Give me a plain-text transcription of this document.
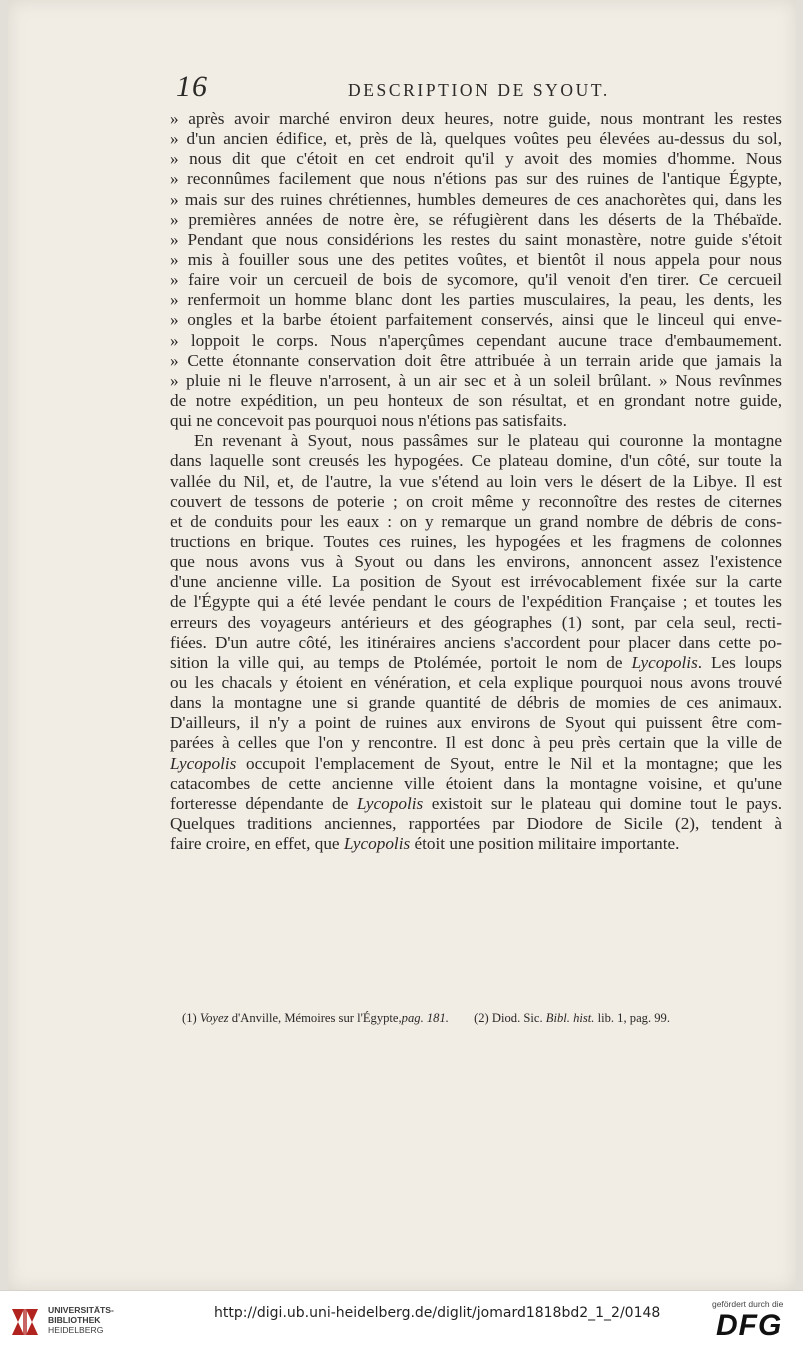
16	DESCRIPTION DE SYOUT.
» après avoir marché environ deux heures, notre guide, nous montrant les restes
» d'un ancien édifice, et, près de là, quelques voûtes peu élevées au-dessus du sol,
» nous dit que c'étoit en cet endroit qu'il y avoit des momies d'homme. Nous
» reconnûmes facilement que nous n'étions pas sur des ruines de l'antique Égypte,
» mais sur des ruines chrétiennes, humbles demeures de ces anachorètes qui, dans les
» premières années de notre ère, se réfugièrent dans les déserts de la Thébaïde.
» Pendant que nous considérions les restes du saint monastère, notre guide s'étoit
» mis à fouiller sous une des petites voûtes, et bientôt il nous appela pour nous
» faire voir un cercueil de bois de sycomore, qu'il venoit d'en tirer. Ce cercueil
» renfermoit un homme blanc dont les parties musculaires, la peau, les dents, les
» ongles et la barbe étoient parfaitement conservés, ainsi que le linceul qui enve-
» loppoit le corps. Nous n'aperçûmes cependant aucune trace d'embaumement.
» Cette étonnante conservation doit être attribuée à un terrain aride que jamais la
» pluie ni le fleuve n'arrosent, à un air sec et à un soleil brûlant. » Nous revînmes
de notre expédition, un peu honteux de son résultat, et en grondant notre guide,
qui ne concevoit pas pourquoi nous n'étions pas satisfaits.
En revenant à Syout, nous passâmes sur le plateau qui couronne la montagne
dans laquelle sont creusés les hypogées. Ce plateau domine, d'un côté, sur toute la
vallée du Nil, et, de l'autre, la vue s'étend au loin vers le désert de la Libye. Il est
couvert de tessons de poterie ; on croit même y reconnoître des restes de citernes
et de conduits pour les eaux : on y remarque un grand nombre de débris de cons-
tructions en brique. Toutes ces ruines, les hypogées et les fragmens de colonnes
que nous avons vus à Syout ou dans les environs, annoncent assez l'existence
d'une ancienne ville. La position de Syout est irrévocablement fixée sur la carte
de l'Égypte qui a été levée pendant le cours de l'expédition Française ; et toutes les
erreurs des voyageurs antérieurs et des géographes (1) sont, par cela seul, recti-
fiées. D'un autre côté, les itinéraires anciens s'accordent pour placer dans cette po-
sition la ville qui, au temps de Ptolémée, portoit le nom de Lycopolis. Les loups
ou les chacals y étoient en vénération, et cela explique pourquoi nous avons trouvé
dans la montagne une si grande quantité de débris de momies de ces animaux.
D'ailleurs, il n'y a point de ruines aux environs de Syout qui puissent être com-
parées à celles que l'on y rencontre. Il est donc à peu près certain que la ville de
Lycopolis occupoit l'emplacement de Syout, entre le Nil et la montagne; que les
catacombes de cette ancienne ville étoient dans la montagne voisine, et qu'une
forteresse dépendante de Lycopolis existoit sur le plateau qui domine tout le pays.
Quelques traditions anciennes, rapportées par Diodore de Sicile (2), tendent à
faire croire, en effet, que Lycopolis étoit une position militaire importante.
(1) Voyez d'Anville, Mémoires sur l'Égypte,pag. 181. (2) Diod. Sic. Bibl. hist. lib. 1, pag. 99.
UNIVERSITÄTS-
BIBLIOTHEK
HEIDELBERG
http://digi.ub.uni-heidelberg.de/diglit/jomard1818bd2_1_2/0148
gefördert durch die
DFG
